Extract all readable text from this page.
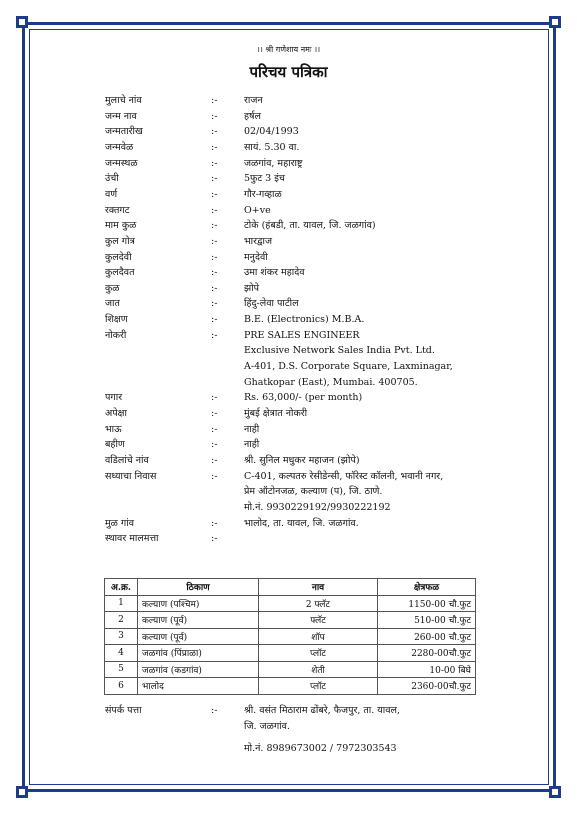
।। श्री गणेशाय नमः ।।
परिचय पत्रिका
मुलाचे नांव	:-	राजन
जन्म नाव	:-	हर्षल
जन्मतारीख	:-	02/04/1993
जन्मवेळ	:-	सायं. 5.30 वा.
जन्मस्थळ	:-	जळगांव, महाराष्ट्र
उंची	:-	5फुट 3 इंच
वर्ण	:-	गौर-गव्हाळ
रक्तगट	:-	O+ve
माम कुळ	:-	टोके (हंबडी, ता. यावल, जि. जळगांव)
कुल गोत्र	:-	भारद्वाज
कुलदेवी	:-	मनुदेवी
कुलदैवत	:-	उमा शंकर महादेव
कुळ	:-	झोपे
जात	:-	हिंदु-लेवा पाटील
शिक्षण	:-	B.E. (Electronics) M.B.A.
नोकरी	:-	PRE SALES ENGINEER
Exclusive Network Sales India Pvt. Ltd.
A-401, D.S. Corporate Square, Laxminagar,
Ghatkopar (East), Mumbai. 400705.
पगार	:-	Rs. 63,000/- (per month)
अपेक्षा	:-	मुंबई क्षेत्रात नोकरी
भाऊ	:-	नाही
बहीण	:-	नाही
वडिलांचे नांव	:-	श्री. सुनिल मधुकर महाजन (झोपे)
सध्याचा निवास	:-	C-401, कल्पतरु रेसीडेन्सी, फॉरेस्ट कॉलनी, भवानी नगर,
प्रेम ऑटोनजळ, कल्याण (प), जि. ठाणे.
मो.नं. 9930229192/9930222192
मुळ गांव	:-	भालोद, ता. यावल, जि. जळगांव.
स्थावर मालमत्ता	:-
अ.क्र.	ठिकाण	नाव	क्षेत्रफळ
1	कल्याण (पश्चिम)	2 फ्लॅट	1150-00 चौ.फुट
2	कल्याण (पूर्व)	फ्लॅट	510-00 चौ.फुट
3	कल्याण (पूर्व)	शॉप	260-00 चौ.फुट
4	जळगांव (पिंप्राळा)	प्लॉट	2280-00चौ.फुट
5	जळगांव (कडगांव)	शेती	10-00 बिघे
6	भालोद	प्लॉट	2360-00चौ.फुट
संपर्क पत्ता	:-	श्री. वसंत मिठाराम ढोंबरे, फैजपुर, ता. यावल,
जि. जळगांव.
मो.नं. 8989673002 / 7972303543
